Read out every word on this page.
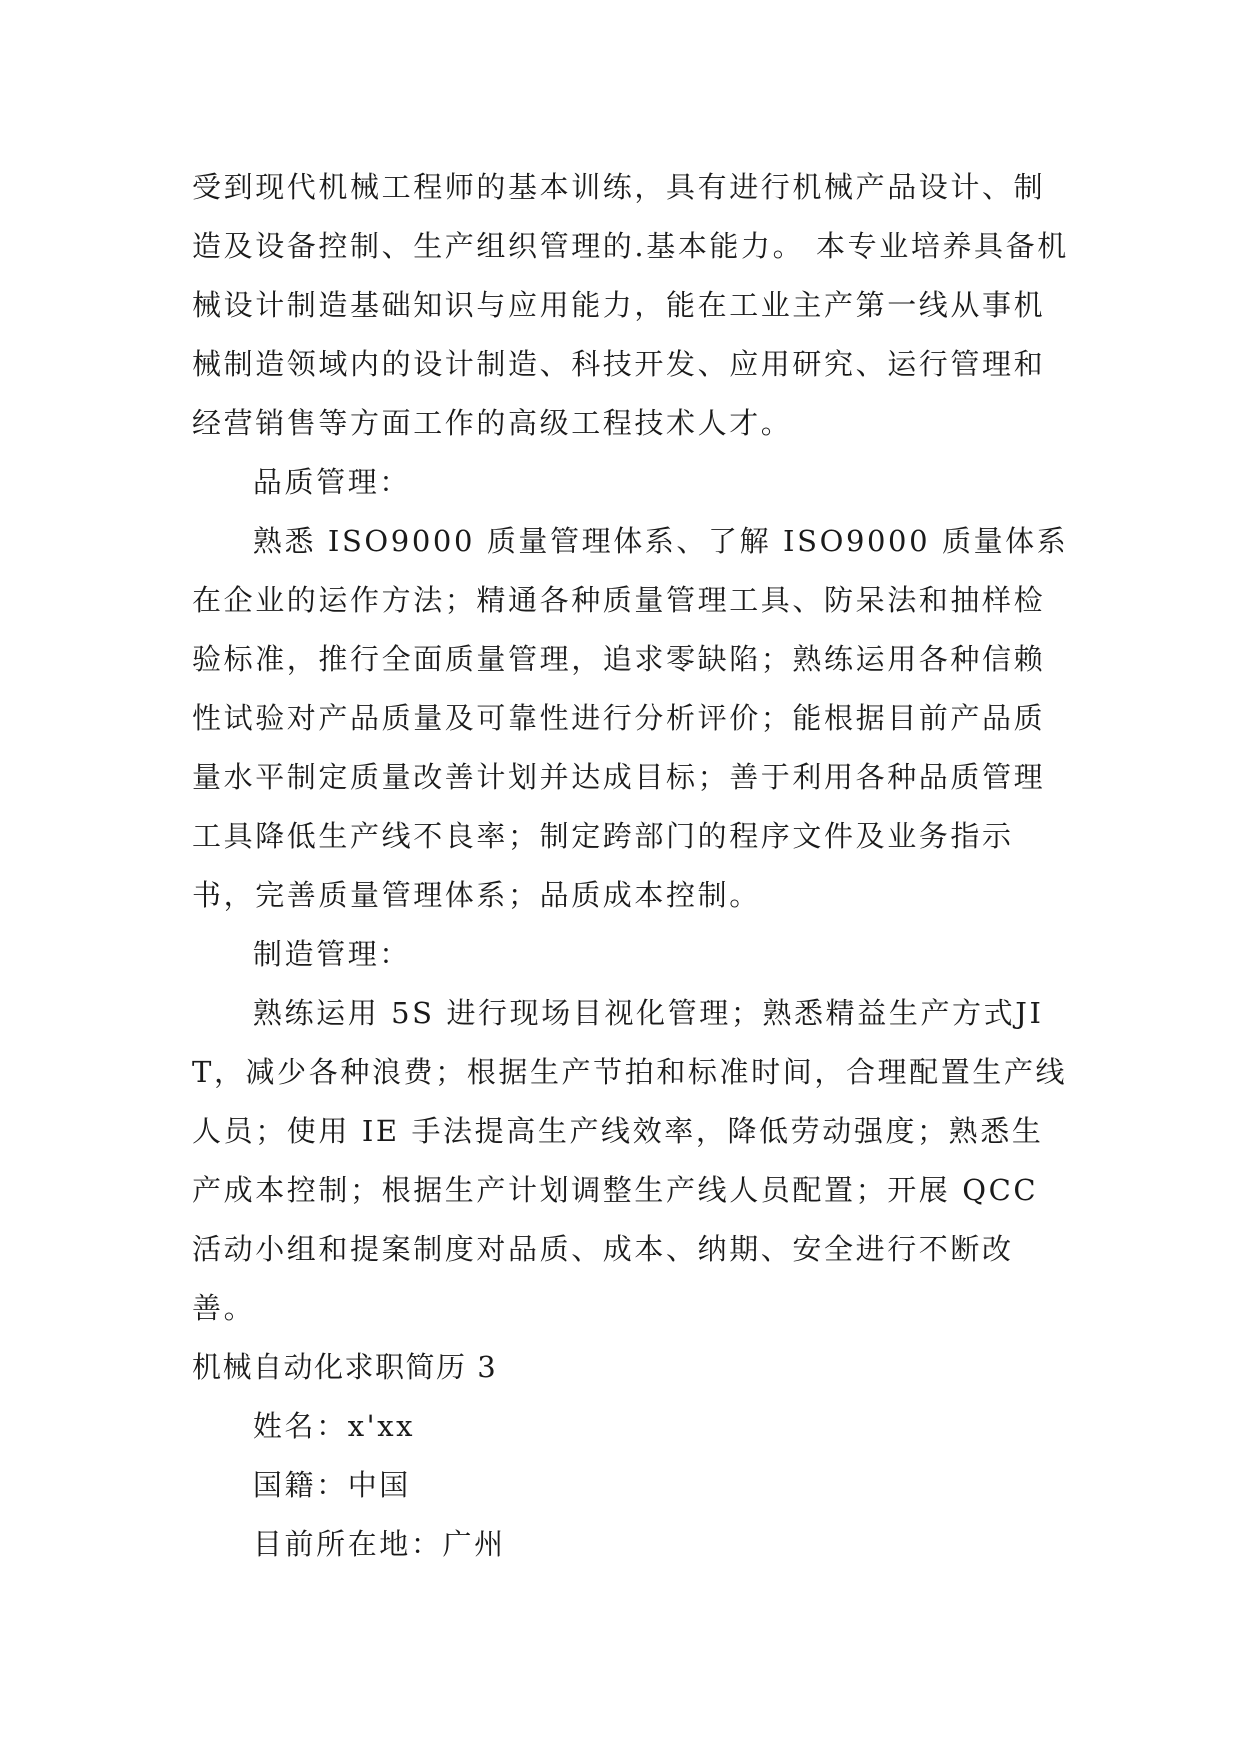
受到现代机械工程师的基本训练，具有进行机械产品设计、制造及设备控制、生产组织管理的.基本能力。 本专业培养具备机械设计制造基础知识与应用能力，能在工业主产第一线从事机械制造领域内的设计制造、科技开发、应用研究、运行管理和经营销售等方面工作的高级工程技术人才。

品质管理：

熟悉 ISO9000 质量管理体系、了解 ISO9000 质量体系在企业的运作方法；精通各种质量管理工具、防呆法和抽样检验标准，推行全面质量管理，追求零缺陷；熟练运用各种信赖性试验对产品质量及可靠性进行分析评价；能根据目前产品质量水平制定质量改善计划并达成目标；善于利用各种品质管理工具降低生产线不良率；制定跨部门的程序文件及业务指示书，完善质量管理体系；品质成本控制。

制造管理：

熟练运用 5S 进行现场目视化管理；熟悉精益生产方式JIT，减少各种浪费；根据生产节拍和标准时间，合理配置生产线人员；使用 IE 手法提高生产线效率，降低劳动强度；熟悉生产成本控制；根据生产计划调整生产线人员配置；开展 QCC 活动小组和提案制度对品质、成本、纳期、安全进行不断改善。

机械自动化求职简历 3

姓名：x'xx

国籍：中国

目前所在地：广州
